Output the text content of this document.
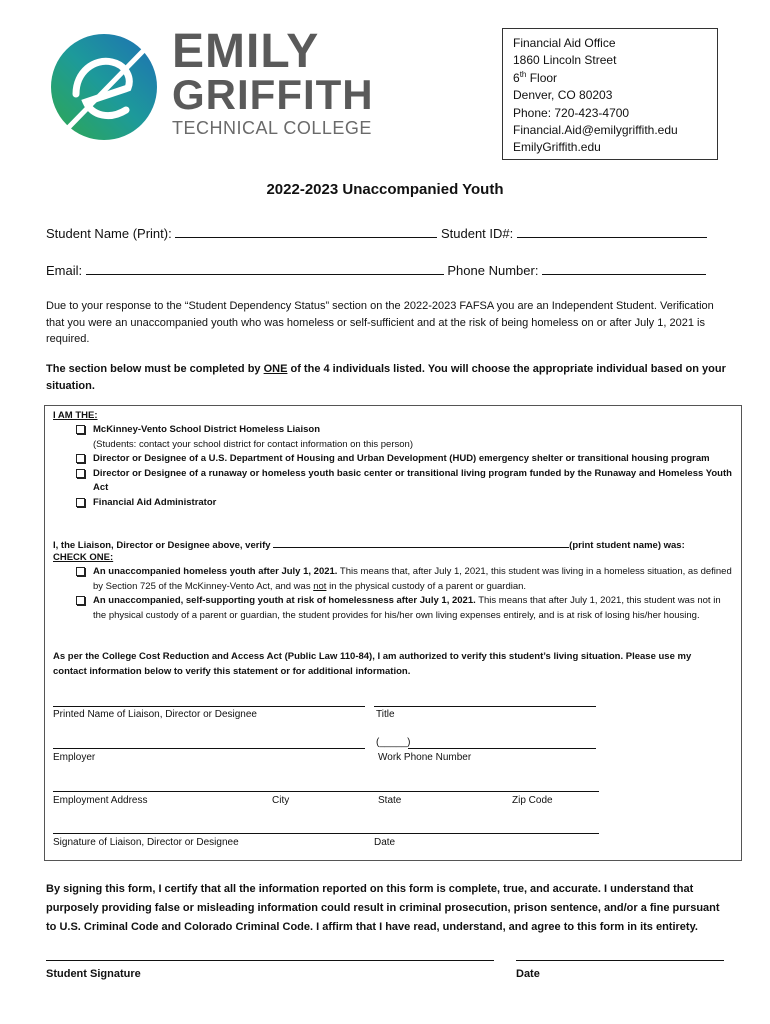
EMILY
GRIFFITH
TECHNICAL COLLEGE
Financial Aid Office
1860 Lincoln Street
6th Floor
Denver, CO 80203
Phone: 720-423-4700
Financial.Aid@emilygriffith.edu
EmilyGriffith.edu
2022-2023 Unaccompanied Youth
Student Name (Print):	Student ID#:
Email:	Phone Number:
Due to your response to the “Student Dependency Status” section on the 2022-2023 FAFSA you are an Independent Student. Verification that you were an unaccompanied youth who was homeless or self-sufficient and at the risk of being homeless on or after July 1, 2021 is required.
The section below must be completed by ONE of the 4 individuals listed. You will choose the appropriate individual based on your situation.
I AM THE:
McKinney-Vento School District Homeless Liaison
(Students: contact your school district for contact information on this person)
Director or Designee of a U.S. Department of Housing and Urban Development (HUD) emergency shelter or transitional housing program
Director or Designee of a runaway or homeless youth basic center or transitional living program funded by the Runaway and Homeless Youth Act
Financial Aid Administrator
I, the Liaison, Director or Designee above, verify	(print student name) was:
CHECK ONE:
An unaccompanied homeless youth after July 1, 2021. This means that, after July 1, 2021, this student was living in a homeless situation, as defined by Section 725 of the McKinney-Vento Act, and was not in the physical custody of a parent or guardian.
An unaccompanied, self-supporting youth at risk of homelessness after July 1, 2021. This means that after July 1, 2021, this student was not in the physical custody of a parent or guardian, the student provides for his/her own living expenses entirely, and is at risk of losing his/her housing.
As per the College Cost Reduction and Access Act (Public Law 110-84), I am authorized to verify this student’s living situation. Please use my contact information below to verify this statement or for additional information.
Printed Name of Liaison, Director or Designee	Title
(_____)
Employer	Work Phone Number
Employment Address	City	State	Zip Code
Signature of Liaison, Director or Designee	Date
By signing this form, I certify that all the information reported on this form is complete, true, and accurate. I understand that purposely providing false or misleading information could result in criminal prosecution, prison sentence, and/or a fine pursuant to U.S. Criminal Code and Colorado Criminal Code. I affirm that I have read, understand, and agree to this form in its entirety.
Student Signature	Date
